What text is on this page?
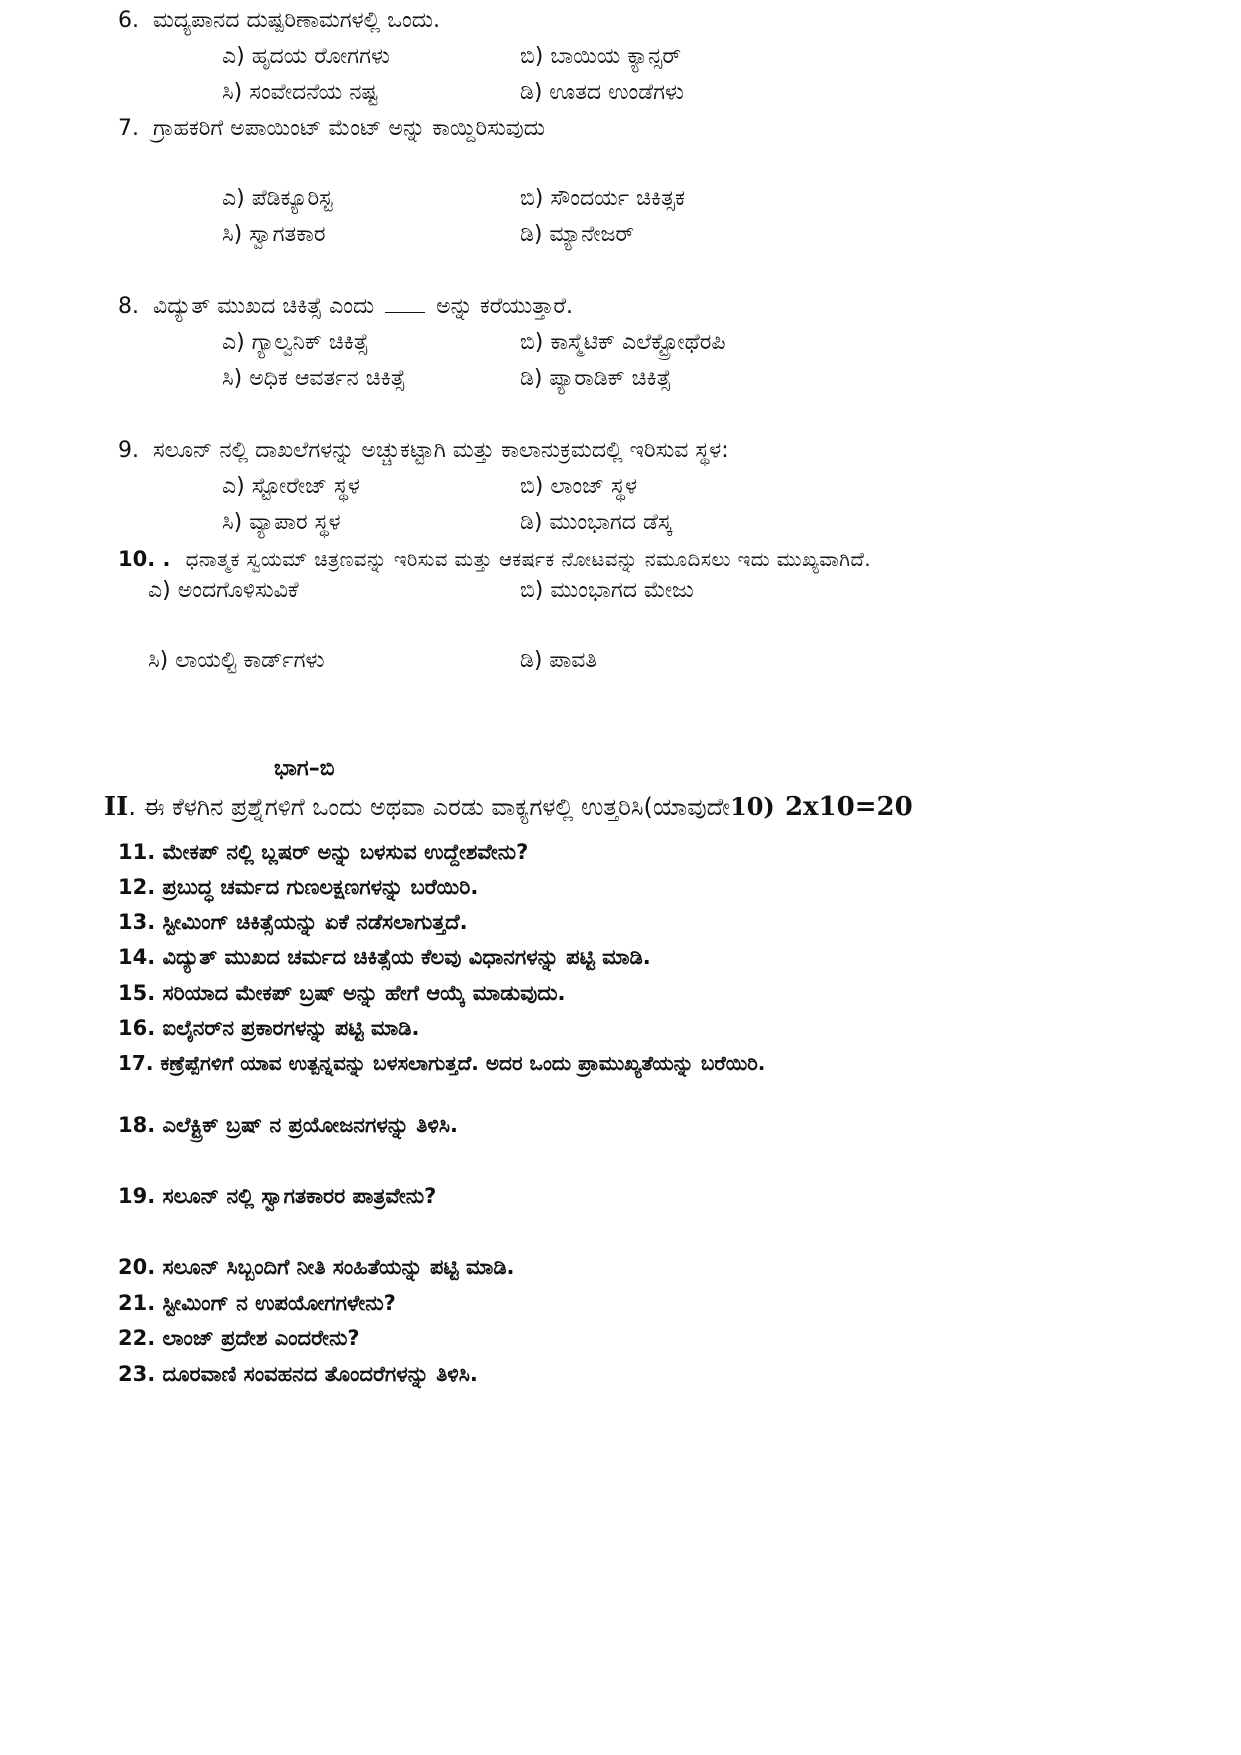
6. ಮದ್ಯಪಾನದ ದುಷ್ಪರಿಣಾಮಗಳಲ್ಲಿ ಒಂದು.
ಎ) ಹೃದಯ ರೋಗಗಳು	ಬಿ) ಬಾಯಿಯ ಕ್ಯಾನ್ಸರ್
ಸಿ) ಸಂವೇದನೆಯ ನಷ್ಟ	ಡಿ) ಊತದ ಉಂಡೆಗಳು
7. ಗ್ರಾಹಕರಿಗೆ ಅಪಾಯಿಂಟ್ ಮೆಂಟ್ ಅನ್ನು ಕಾಯ್ದಿರಿಸುವುದು
ಎ) ಪೆಡಿಕ್ಯೂರಿಸ್ಟ	ಬಿ) ಸೌಂದರ್ಯ ಚಿಕಿತ್ಸಕ
ಸಿ) ಸ್ವಾಗತಕಾರ	ಡಿ) ಮ್ಯಾನೇಜರ್
8. ವಿದ್ಯುತ್ ಮುಖದ ಚಿಕಿತ್ಸೆ ಎಂದು	ಅನ್ನು ಕರೆಯುತ್ತಾರೆ.
ಎ) ಗ್ಯಾಲ್ವನಿಕ್ ಚಿಕಿತ್ಸೆ	ಬಿ) ಕಾಸ್ಮೆಟಿಕ್ ಎಲೆಕ್ಟ್ರೋಥೆರಪಿ
ಸಿ) ಅಧಿಕ ಆವರ್ತನ ಚಿಕಿತ್ಸೆ	ಡಿ) ಪ್ಯಾರಾಡಿಕ್ ಚಿಕಿತ್ಸೆ
9. ಸಲೂನ್ ನಲ್ಲಿ ದಾಖಲೆಗಳನ್ನು ಅಚ್ಚುಕಟ್ಟಾಗಿ ಮತ್ತು ಕಾಲಾನುಕ್ರಮದಲ್ಲಿ ಇರಿಸುವ ಸ್ಥಳ:
ಎ) ಸ್ಟೋರೇಜ್ ಸ್ಥಳ	ಬಿ) ಲಾಂಜ್ ಸ್ಥಳ
ಸಿ) ವ್ಯಾಪಾರ ಸ್ಥಳ	ಡಿ) ಮುಂಭಾಗದ ಡೆಸ್ಕ
10. . ಧನಾತ್ಮಕ ಸ್ವಯಮ್ ಚಿತ್ರಣವನ್ನು ಇರಿಸುವ ಮತ್ತು ಆಕರ್ಷಕ ನೋಟವನ್ನು ನಮೂದಿಸಲು ಇದು ಮುಖ್ಯವಾಗಿದೆ.
ಎ) ಅಂದಗೊಳಿಸುವಿಕೆ	ಬಿ) ಮುಂಭಾಗದ ಮೇಜು
ಸಿ) ಲಾಯಲ್ಟಿ ಕಾರ್ಡ್‌ಗಳು	ಡಿ) ಪಾವತಿ
ಭಾಗ–ಬಿ
II. ಈ ಕೆಳಗಿನ ಪ್ರಶ್ನೆಗಳಿಗೆ ಒಂದು ಅಥವಾ ಎರಡು ವಾಕ್ಯಗಳಲ್ಲಿ ಉತ್ತರಿಸಿ(ಯಾವುದೇ10) 2x10=20
11. ಮೇಕಪ್ ನಲ್ಲಿ ಬ್ಲಷರ್ ಅನ್ನು ಬಳಸುವ ಉದ್ದೇಶವೇನು?
12. ಪ್ರಬುದ್ಧ ಚರ್ಮದ ಗುಣಲಕ್ಷಣಗಳನ್ನು ಬರೆಯಿರಿ.
13. ಸ್ಟೀಮಿಂಗ್ ಚಿಕಿತ್ಸೆಯನ್ನು ಏಕೆ ನಡೆಸಲಾಗುತ್ತದೆ.
14. ವಿದ್ಯುತ್ ಮುಖದ ಚರ್ಮದ ಚಿಕಿತ್ಸೆಯ ಕೆಲವು ವಿಧಾನಗಳನ್ನು ಪಟ್ಟಿ ಮಾಡಿ.
15. ಸರಿಯಾದ ಮೇಕಪ್ ಬ್ರಷ್ ಅನ್ನು ಹೇಗೆ ಆಯ್ಕೆ ಮಾಡುವುದು.
16. ಐಲೈನರ್‌ನ ಪ್ರಕಾರಗಳನ್ನು ಪಟ್ಟಿ ಮಾಡಿ.
17. ಕಣ್ರೆಪ್ಪೆಗಳಿಗೆ ಯಾವ ಉತ್ಪನ್ನವನ್ನು ಬಳಸಲಾಗುತ್ತದೆ. ಅದರ ಒಂದು ಪ್ರಾಮುಖ್ಯತೆಯನ್ನು ಬರೆಯಿರಿ.
18. ಎಲೆಕ್ಟ್ರಿಕ್ ಬ್ರಷ್ ನ ಪ್ರಯೋಜನಗಳನ್ನು ತಿಳಿಸಿ.
19. ಸಲೂನ್ ನಲ್ಲಿ ಸ್ವಾಗತಕಾರರ ಪಾತ್ರವೇನು?
20. ಸಲೂನ್ ಸಿಬ್ಬಂದಿಗೆ ನೀತಿ ಸಂಹಿತೆಯನ್ನು ಪಟ್ಟಿ ಮಾಡಿ.
21. ಸ್ಟೀಮಿಂಗ್ ನ ಉಪಯೋಗಗಳೇನು?
22. ಲಾಂಜ್ ಪ್ರದೇಶ ಎಂದರೇನು?
23. ದೂರವಾಣಿ ಸಂವಹನದ ತೊಂದರೆಗಳನ್ನು ತಿಳಿಸಿ.
